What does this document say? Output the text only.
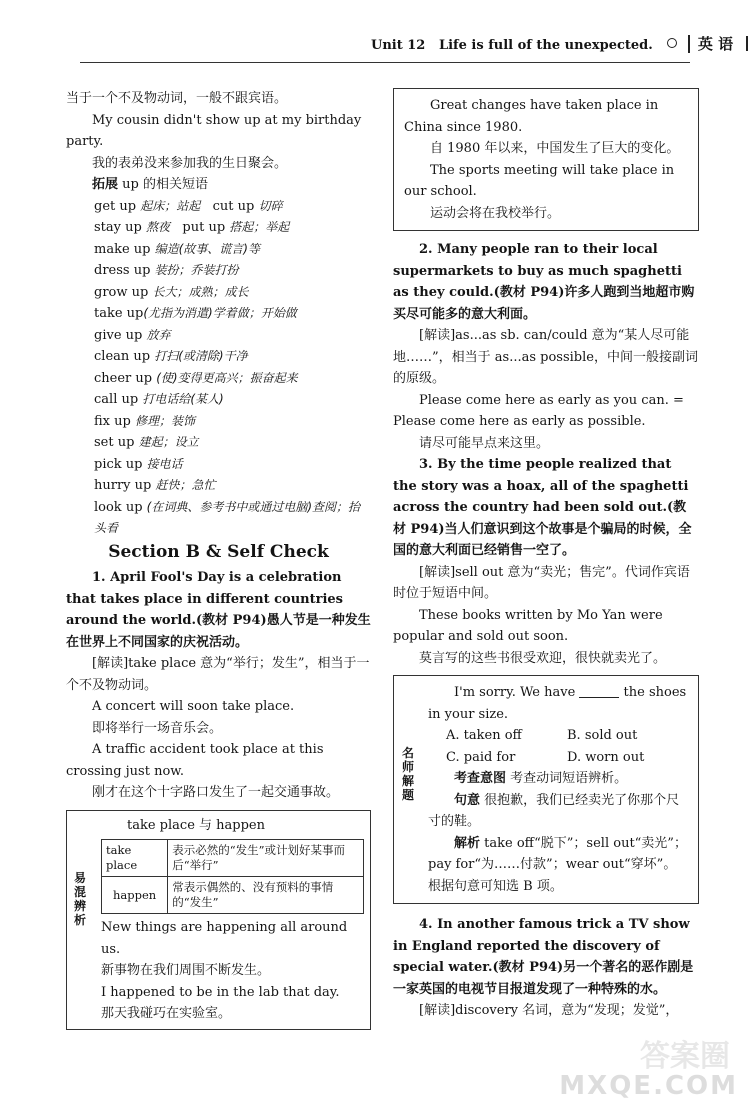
Unit 12 Life is full of the unexpected.	英 语

当于一个不及物动词，一般不跟宾语。

My cousin didn't show up at my birthday party.

我的表弟没来参加我的生日聚会。

拓展 up 的相关短语

get up 起床；站起 cut up 切碎

stay up 熬夜 put up 搭起；举起

make up 编造(故事、谎言)等

dress up 装扮；乔装打扮

grow up 长大；成熟；成长

take up(尤指为消遣)学着做；开始做

give up 放弃

clean up 打扫(或清除)干净

cheer up (使)变得更高兴；振奋起来

call up 打电话给(某人)

fix up 修理；装饰

set up 建起；设立

pick up 接电话

hurry up 赶快；急忙

look up (在词典、参考书中或通过电脑)查阅；抬头看

Section B & Self Check

1. April Fool's Day is a celebration that takes place in different countries around the world.(教材 P94)愚人节是一种发生在世界上不同国家的庆祝活动。

[解读]take place 意为“举行；发生”，相当于一个不及物动词。

A concert will soon take place.

即将举行一场音乐会。

A traffic accident took place at this crossing just now.

刚才在这个十字路口发生了一起交通事故。

易混辨析

take place 与 happen

take place	表示必然的“发生”或计划好某事而后“举行”
happen	常表示偶然的、没有预料的事情的“发生”

New things are happening all around us.

新事物在我们周围不断发生。

I happened to be in the lab that day.

那天我碰巧在实验室。

Great changes have taken place in China since 1980.

自 1980 年以来，中国发生了巨大的变化。

The sports meeting will take place in our school.

运动会将在我校举行。

2. Many people ran to their local supermarkets to buy as much spaghetti as they could.(教材 P94)许多人跑到当地超市购买尽可能多的意大利面。

[解读]as...as sb. can/could 意为“某人尽可能地……”，相当于 as...as possible，中间一般接副词的原级。

Please come here as early as you can. = Please come here as early as possible.

请尽可能早点来这里。

3. By the time people realized that the story was a hoax, all of the spaghetti across the country had been sold out.(教材 P94)当人们意识到这个故事是个骗局的时候，全国的意大利面已经销售一空了。

[解读]sell out 意为“卖光；售完”。代词作宾语时位于短语中间。

These books written by Mo Yan were popular and sold out soon.

莫言写的这些书很受欢迎，很快就卖光了。

名师解题

I'm sorry. We have	the shoes in your size.

A. taken off	B. sold out
C. paid for	D. worn out

考查意图 考查动词短语辨析。

句意 很抱歉，我们已经卖光了你那个尺寸的鞋。

解析 take off“脱下”；sell out“卖光”；pay for“为……付款”；wear out“穿坏”。根据句意可知选 B 项。

4. In another famous trick a TV show in England reported the discovery of special water.(教材 P94)另一个著名的恶作剧是一家英国的电视节目报道发现了一种特殊的水。

[解读]discovery 名词，意为“发现；发觉”，

答案圈
MXQE.COM
